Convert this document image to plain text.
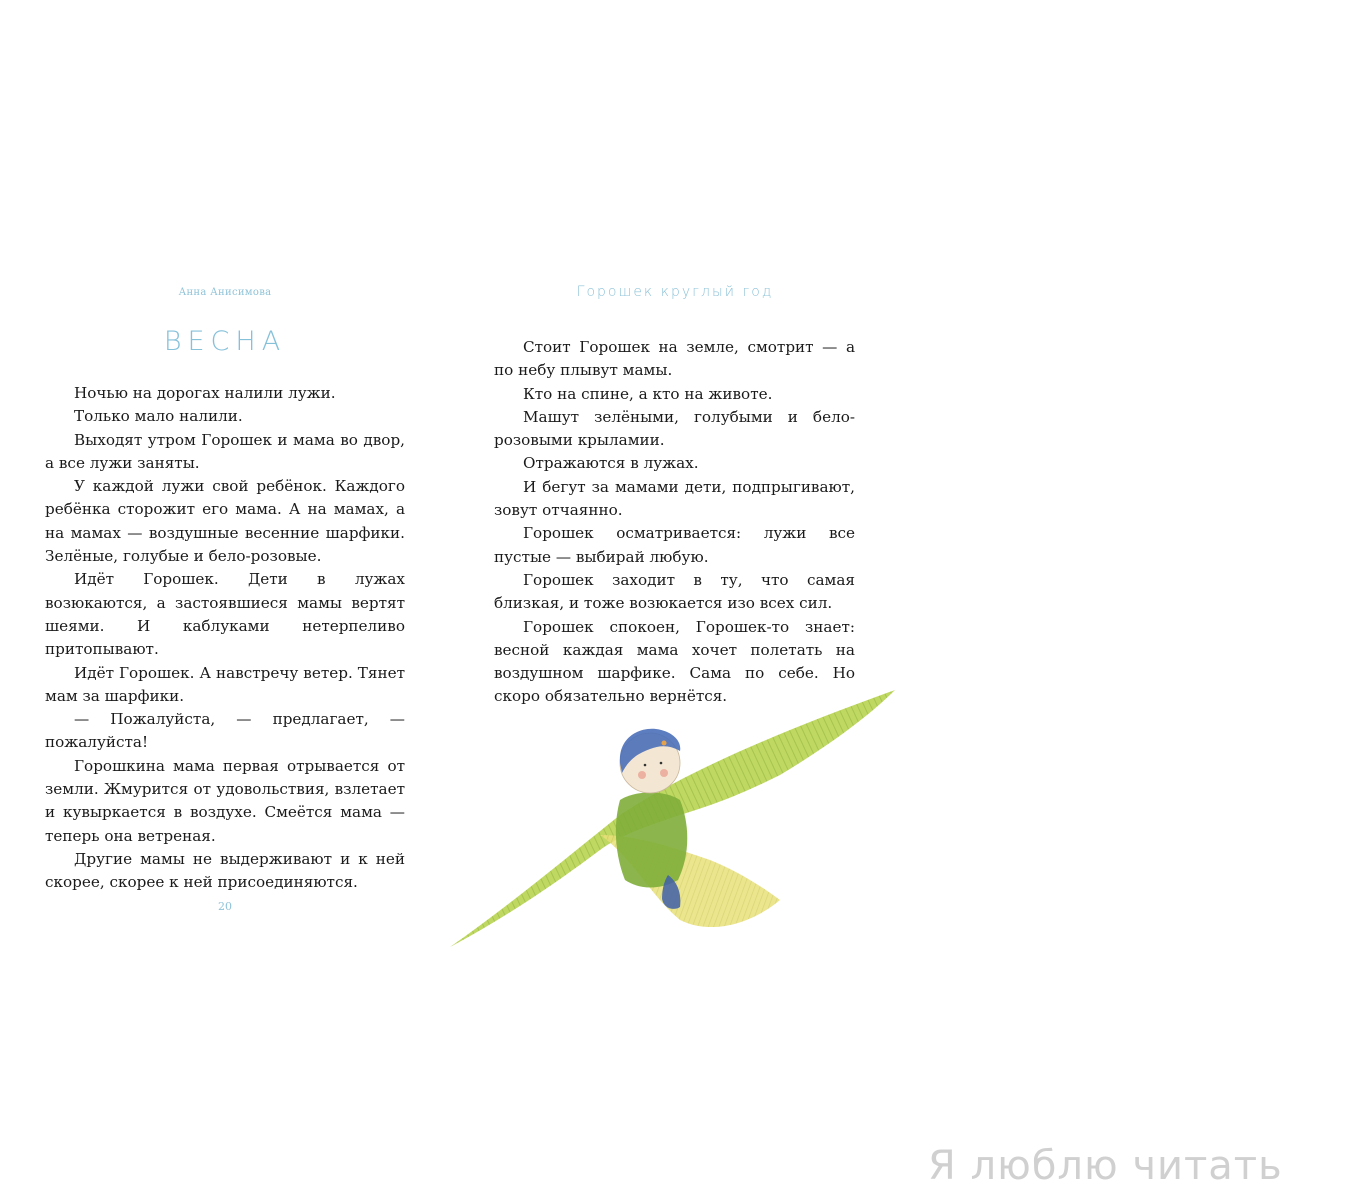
Анна Анисимова
ВЕСНА

Ночью на дорогах налили лужи.

Только мало налили.

Выходят утром Горошек и мама во двор, а все лужи заняты.

У каждой лужи свой ребёнок. Каждого ребёнка сторожит его мама. А на мамах, а на мамах — воздушные весенние шарфики. Зелёные, голубые и бело-розовые.

Идёт Горошек. Дети в лужах возюкаются, а застоявшиеся мамы вертят шеями. И каблуками нетерпеливо притопывают.

Идёт Горошек. А навстречу ветер. Тянет мам за шарфики.

— Пожалуйста, — предлагает, — пожалуйста!

Горошкина мама первая отрывается от земли. Жмурится от удовольствия, взлетает и кувыркается в воздухе. Смеётся мама — теперь она ветреная.

Другие мамы не выдерживают и к ней скорее, скорее к ней присоединяются.

20
Горошек круглый год

Стоит Горошек на земле, смотрит — а по небу плывут мамы.

Кто на спине, а кто на животе.

Машут зелёными, голубыми и бело-розовыми крыламии.

Отражаются в лужах.

И бегут за мамами дети, подпрыгивают, зовут отчаянно.

Горошек осматривается: лужи все пустые — выбирай любую.

Горошек заходит в ту, что самая близкая, и тоже возюкается изо всех сил.

Горошек спокоен, Горошек-то знает: весной каждая мама хочет полетать на воздушном шарфике. Сама по себе. Но скоро обязательно вернётся.

Я люблю читать
